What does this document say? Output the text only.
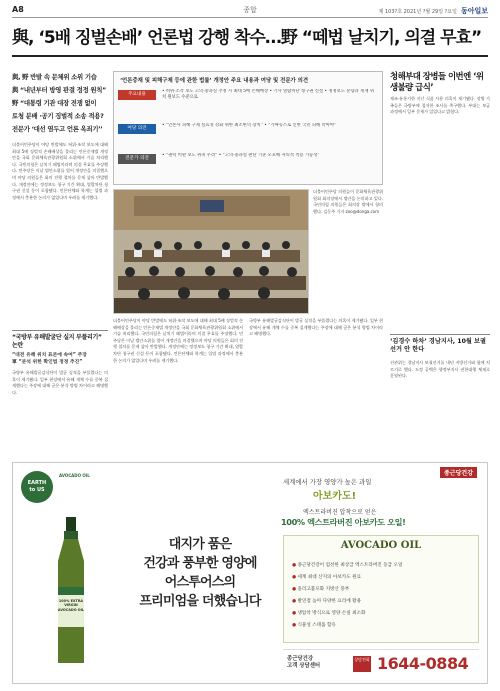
A8	종합	제 103?호 2021년 ?월 29일 ?요일 동아일보
與, ‘5배 징벌손배’ 언론법 강행 착수…野 “떼법 날치기, 의결 무효”

與, 野 반발 속 문체위 소위 기습

與 “내년부터 방영 판결 정정 원칙”

野 “대통령 기관 대장 전쟁 없이

토청 분배 ·공기 징벌적 소송 적용?

전문가 ‘대선 염두고 언론 옥죄기’’

더불어민주당이 야당 반발에도 허위·조작 보도에 대해 최대 5배 징벌적 손해배상을 물리는 언론중재법 개정안을 국회 문화체육관광위원회 소위에서 기습 처리했다. 국민의힘은 날치기 떼법이라며 의결 무효를 주장했다. 민주당은 이날 법안소위를 열어 개정안을 의결했으며 야당 의원들은 회의 진행 절차를 문제 삼아 반발했다. 개정안에는 정정보도 청구 기간 확대, 열람차단 청구권 신설 등이 포함됐다. 언론단체와 학계는 입법 과정에서 충분한 논의가 없었다며 우려를 제기했다.
‘언론중재 및 피해구제 등에 관한 법률’ 개정안 주요 내용과 여당 및 전문가 의견
주요내용
• 허위·조작 보도 고의·중과실 추정 시 최대 5배 손해배상 • 기사 열람차단 청구권 신설 • 정정보도 분량과 게재 위치 원보도 수준으로
여당 의견
• “언론사 피해 구제 실효성 강화 위한 최소한의 장치” • “가짜뉴스로 인한 국민 피해 막아야”
전문가 의견
• “권력 비판 보도 위축 우려” • “고의·중과실 판단 기준 모호해 자의적 적용 가능성”
더불어민주당 의원들이 문화체육관광위원회 회의장에서 법안을 논의하고 있다. 국민의힘 의원들은 회의장 밖에서 항의했다. 김동주 기자 zoo@donga.com
더불어민주당이 야당 반발에도 허위·조작 보도에 대해 최대 5배 징벌적 손해배상을 물리는 언론중재법 개정안을 국회 문화체육관광위원회 소위에서 기습 처리했다. 국민의힘은 날치기 떼법이라며 의결 무효를 주장했다. 민주당은 이날 법안소위를 열어 개정안을 의결했으며 야당 의원들은 회의 진행 절차를 문제 삼아 반발했다. 개정안에는 정정보도 청구 기간 확대, 열람차단 청구권 신설 등이 포함됐다. 언론단체와 학계는 입법 과정에서 충분한 논의가 없었다며 우려를 제기했다.
국방부 유해발굴감식단이 발굴 실적을 부풀렸다는 의혹이 제기됐다. 일부 현장에서 유해 개체 수를 중복 집계했다는 주장에 대해 군은 분석 방법 차이라고 해명했다.
“국방부 유해발굴단 실지 부풀리기” 논란
“대전 유해 위치 표본에 속여” 주장
軍 “분석 위한 확인법 정정 추진”
국방부 유해발굴감식단이 발굴 실적을 부풀렸다는 의혹이 제기됐다. 일부 현장에서 유해 개체 수를 중복 집계했다는 주장에 대해 군은 분석 방법 차이라고 해명했다.
청해부대 장병들 이번엔 ‘위생불량 급식’
제조·유통기한 지난 식품 사용 의혹이 제기됐다. 장병 가족들은 국방부에 철저한 조사를 촉구했다. 부대는 보급 과정에서 일부 문제가 있었다고 밝혔다.
‘김경수 하차’ 경남지사, 10월 보궐선거 안 한다
선관위는 경남지사 보궐선거를 내년 지방선거와 함께 치르기로 했다. 도정 공백은 행정부지사 권한대행 체제로 운영된다.
EARTH
to US
AVOCADO OIL
100% EXTRA VIRGIN
AVOCADO OIL
대지가 품은
건강과 풍부한 영양에
어스투어스의
프리미엄을 더했습니다
종근당건강
세계에서 가장 영양가 높은 과일
아보카도!
엑스트라버진 압착으로 얻은
100% 엑스트라버진 아보카도 오일!
AVOCADO OIL
● 종근당건강이 엄선한 최상급 엑스트라버진 등급 오일
● 세계 최대 산지의 아보카도 원료
● 올리고불포화 지방산 풍부
● 발연점 높아 다양한 요리에 활용
● 냉압착 방식으로 영양 손실 최소화
● 식물성 스테롤 함유
종근당건강
고객 상담센터
상담전화 1644-0884
